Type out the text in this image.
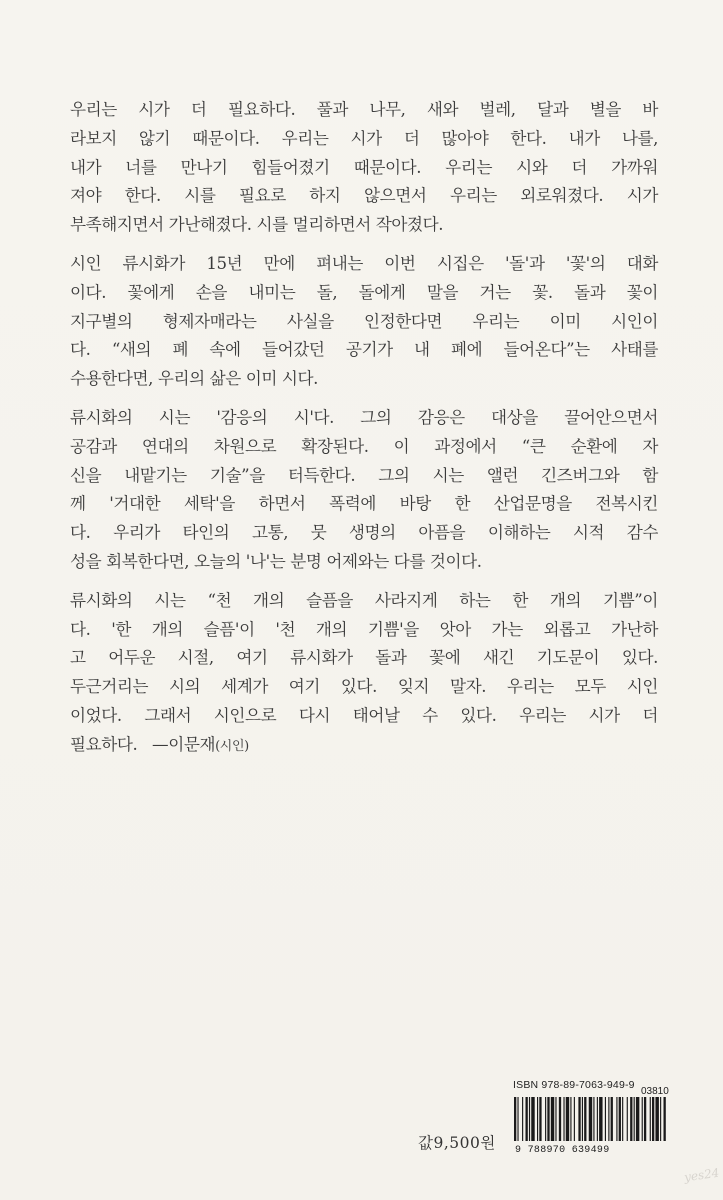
우리는 시가 더 필요하다. 풀과 나무, 새와 벌레, 달과 별을 바
라보지 않기 때문이다. 우리는 시가 더 많아야 한다. 내가 나를,
내가 너를 만나기 힘들어졌기 때문이다. 우리는 시와 더 가까워
져야 한다. 시를 필요로 하지 않으면서 우리는 외로워졌다. 시가
부족해지면서 가난해졌다. 시를 멀리하면서 작아졌다.
시인 류시화가 15년 만에 펴내는 이번 시집은 '돌'과 '꽃'의 대화
이다. 꽃에게 손을 내미는 돌, 돌에게 말을 거는 꽃. 돌과 꽃이
지구별의 형제자매라는 사실을 인정한다면 우리는 이미 시인이
다. “새의 폐 속에 들어갔던 공기가 내 폐에 들어온다”는 사태를
수용한다면, 우리의 삶은 이미 시다.
류시화의 시는 '감응의 시'다. 그의 감응은 대상을 끌어안으면서
공감과 연대의 차원으로 확장된다. 이 과정에서 “큰 순환에 자
신을 내맡기는 기술”을 터득한다. 그의 시는 앨런 긴즈버그와 함
께 '거대한 세탁'을 하면서 폭력에 바탕 한 산업문명을 전복시킨
다. 우리가 타인의 고통, 뭇 생명의 아픔을 이해하는 시적 감수
성을 회복한다면, 오늘의 '나'는 분명 어제와는 다를 것이다.
류시화의 시는 “천 개의 슬픔을 사라지게 하는 한 개의 기쁨”이
다. '한 개의 슬픔'이 '천 개의 기쁨'을 앗아 가는 외롭고 가난하
고 어두운 시절, 여기 류시화가 돌과 꽃에 새긴 기도문이 있다.
두근거리는 시의 세계가 여기 있다. 잊지 말자. 우리는 모두 시인
이었다. 그래서 시인으로 다시 태어날 수 있다. 우리는 시가 더
필요하다. —이문재(시인)
ISBN 978-89-7063-949-9
03810
9 788970 639499
값9,500원
yes24
